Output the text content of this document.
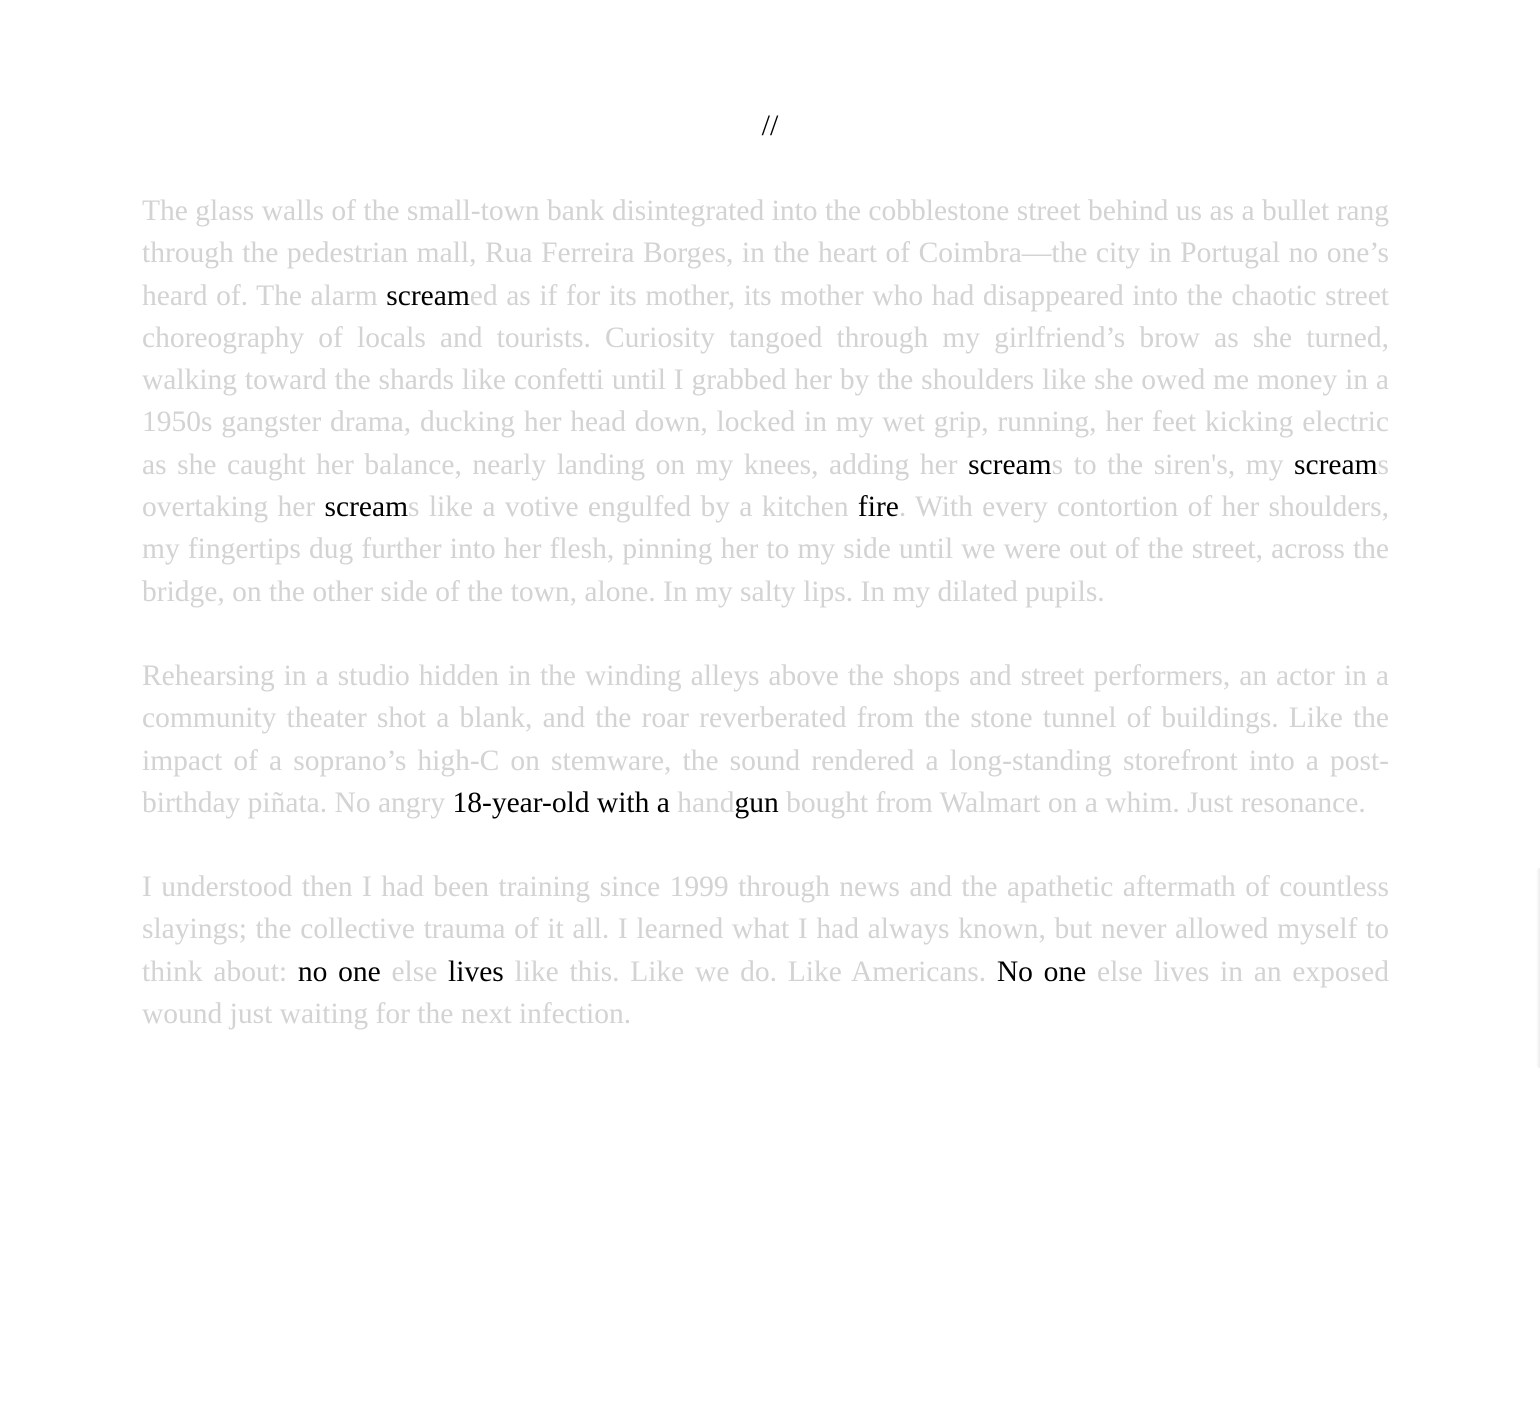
//

The glass walls of the small-town bank disintegrated into the cobblestone street behind us as a bullet rang through the pedestrian mall, Rua Ferreira Borges, in the heart of Coimbra—the city in Portugal no one’s heard of. The alarm screamed as if for its mother, its mother who had disappeared into the chaotic street choreography of locals and tourists. Curiosity tangoed through my girlfriend’s brow as she turned, walking toward the shards like confetti until I grabbed her by the shoulders like she owed me money in a 1950s gangster drama, ducking her head down, locked in my wet grip, running, her feet kicking electric as she caught her balance, nearly landing on my knees, adding her screams to the siren's, my screams overtaking her screams like a votive engulfed by a kitchen fire. With every contortion of her shoulders, my fingertips dug further into her flesh, pinning her to my side until we were out of the street, across the bridge, on the other side of the town, alone. In my salty lips. In my dilated pupils.

Rehearsing in a studio hidden in the winding alleys above the shops and street performers, an actor in a community theater shot a blank, and the roar reverberated from the stone tunnel of buildings. Like the impact of a soprano’s high-C on stemware, the sound rendered a long-standing storefront into a post-birthday piñata. No angry 18-year-old with a handgun bought from Walmart on a whim. Just resonance.

I understood then I had been training since 1999 through news and the apathetic aftermath of countless slayings; the collective trauma of it all. I learned what I had always known, but never allowed myself to think about: no one else lives like this. Like we do. Like Americans. No one else lives in an exposed wound just waiting for the next infection.
